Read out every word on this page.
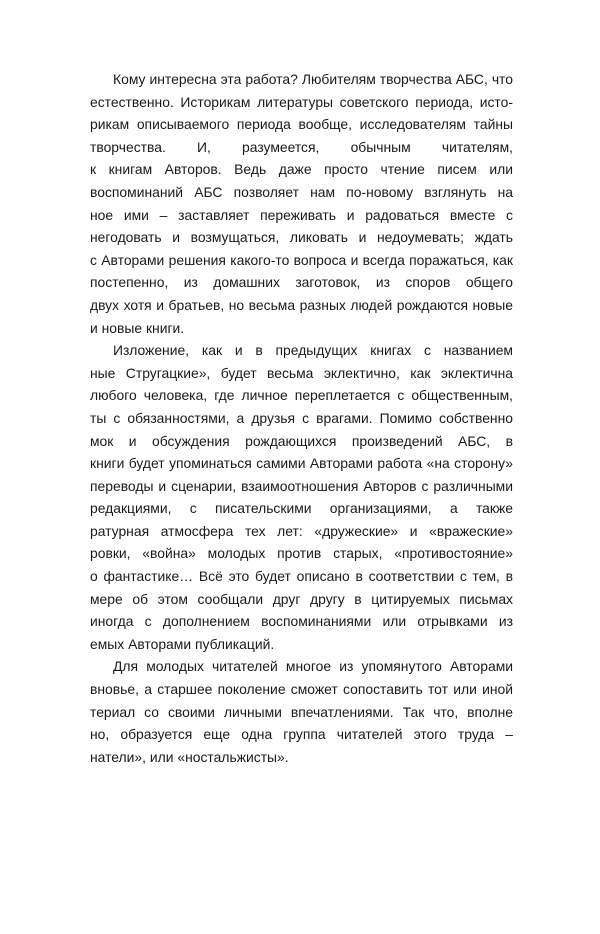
Кому интересна эта работа? Любителям творчества АБС, что
естественно. Историкам литературы советского периода, исто-
рикам описываемого периода вообще, исследователям тайны
творчества. И, разумеется, обычным читателям,
к книгам Авторов. Ведь даже просто чтение писем или
воспоминаний АБС позволяет нам по-новому взглянуть на
ное ими – заставляет переживать и радоваться вместе с
негодовать и возмущаться, ликовать и недоумевать; ждать
с Авторами решения какого-то вопроса и всегда поражаться, как
постепенно, из домашних заготовок, из споров общего
двух хотя и братьев, но весьма разных людей рождаются новые
и новые книги.
Изложение, как и в предыдущих книгах с названием
ные Стругацкие», будет весьма эклектично, как эклектична
любого человека, где личное переплетается с общественным,
ты с обязанностями, а друзья с врагами. Помимо собственно
мок и обсуждения рождающихся произведений АБС, в
книги будет упоминаться самими Авторами работа «на сторону»
переводы и сценарии, взаимоотношения Авторов с различными
редакциями, с писательскими организациями, а также
ратурная атмосфера тех лет: «дружеские» и «вражеские»
ровки, «война» молодых против старых, «противостояние»
о фантастике… Всё это будет описано в соответствии с тем, в
мере об этом сообщали друг другу в цитируемых письмах
иногда с дополнением воспоминаниями или отрывками из
емых Авторами публикаций.
Для молодых читателей многое из упомянутого Авторами
вновье, а старшее поколение сможет сопоставить тот или иной
териал со своими личными впечатлениями. Так что, вполне
но, образуется еще одна группа читателей этого труда –
натели», или «ностальжисты».
